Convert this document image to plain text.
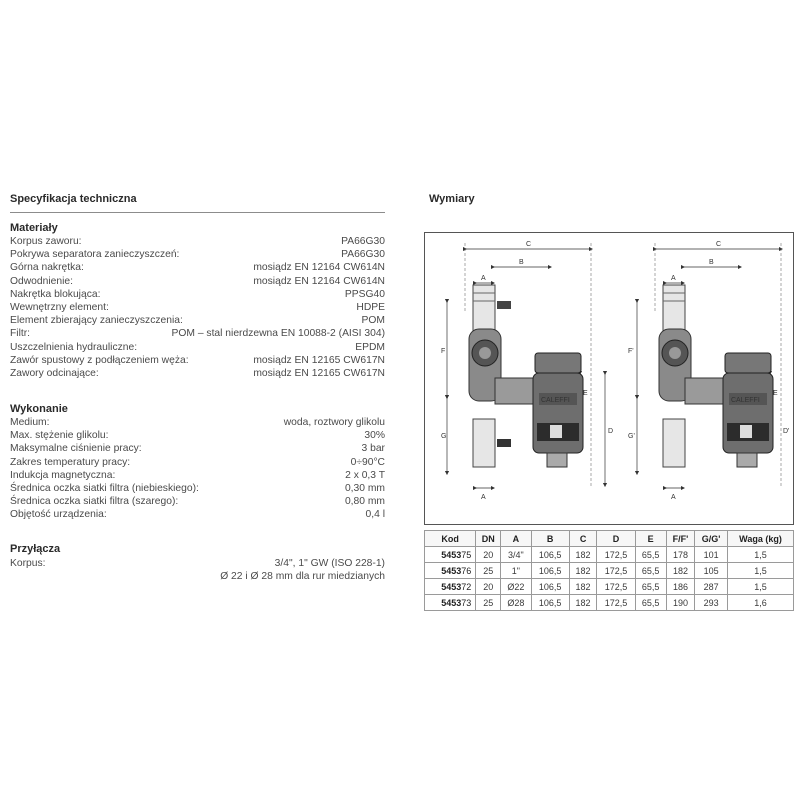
Specyfikacja techniczna	Wymiary
Materiały
Korpus zaworu:	PA66G30
Pokrywa separatora zanieczyszczeń:	PA66G30
Górna nakrętka:	mosiądz EN 12164 CW614N
Odwodnienie:	mosiądz EN 12164 CW614N
Nakrętka blokująca:	PPSG40
Wewnętrzny element:	HDPE
Element zbierający zanieczyszczenia:	POM
Filtr:	POM – stal nierdzewna EN 10088-2 (AISI 304)
Uszczelnienia hydrauliczne:	EPDM
Zawór spustowy z podłączeniem węża:	mosiądz EN 12165 CW617N
Zawory odcinające:	mosiądz EN 12165 CW617N
Wykonanie
Medium:	woda, roztwory glikolu
Max. stężenie glikolu:	30%
Maksymalne ciśnienie pracy:	3 bar
Zakres temperatury pracy:	0÷90°C
Indukcja magnetyczna:	2 x 0,3 T
Średnica oczka siatki filtra (niebieskiego):	0,30 mm
Średnica oczka siatki filtra (szarego):	0,80 mm
Objętość urządzenia:	0,4 l
Przyłącza
Korpus:	3/4", 1" GW (ISO 228-1)
Ø 22 i Ø 28 mm dla rur miedzianych
CALEFFI	CALEFFI
C
B
A
F
G
E
D
A
C
B
A
F'
G'
E
D'
A
Kod	DN	A	B	C	D	E	F/F'	G/G'	Waga (kg)
545375	20	3/4"	106,5	182	172,5	65,5	178	101	1,5
545376	25	1"	106,5	182	172,5	65,5	182	105	1,5
545372	20	Ø22	106,5	182	172,5	65,5	186	287	1,5
545373	25	Ø28	106,5	182	172,5	65,5	190	293	1,6
